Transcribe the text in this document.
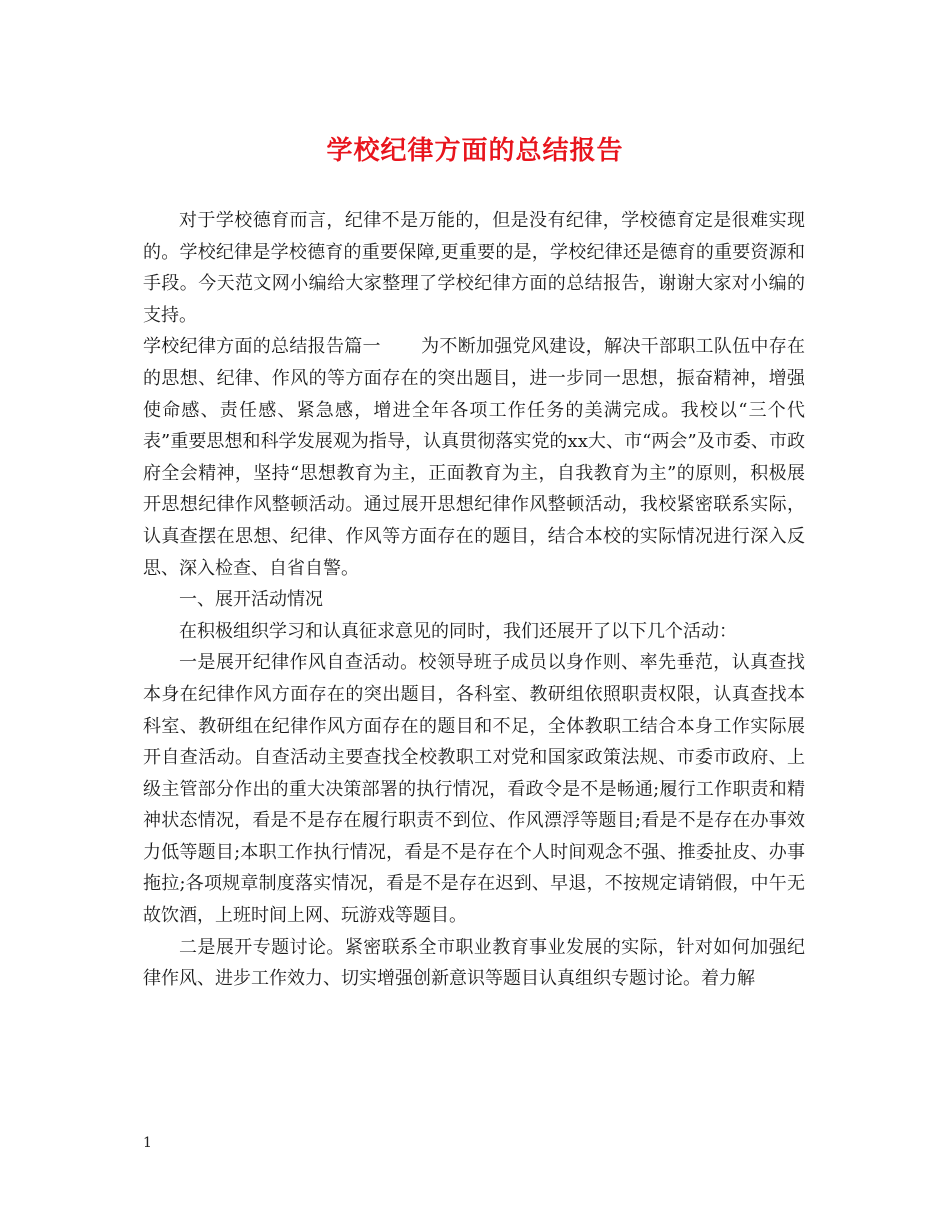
学校纪律方面的总结报告

对于学校德育而言，纪律不是万能的，但是没有纪律，学校德育定是很难实现的。学校纪律是学校德育的重要保障,更重要的是，学校纪律还是德育的重要资源和手段。今天范文网小编给大家整理了学校纪律方面的总结报告，谢谢大家对小编的支持。

学校纪律方面的总结报告篇一 为不断加强党风建设，解决干部职工队伍中存在的思想、纪律、作风的等方面存在的突出题目，进一步同一思想，振奋精神，增强使命感、责任感、紧急感，增进全年各项工作任务的美满完成。我校以“三个代表”重要思想和科学发展观为指导，认真贯彻落实党的xx大、市“两会”及市委、市政府全会精神，坚持“思想教育为主，正面教育为主，自我教育为主”的原则，积极展开思想纪律作风整顿活动。通过展开思想纪律作风整顿活动，我校紧密联系实际，认真查摆在思想、纪律、作风等方面存在的题目，结合本校的实际情况进行深入反思、深入检查、自省自警。

一、展开活动情况

在积极组织学习和认真征求意见的同时，我们还展开了以下几个活动：

一是展开纪律作风自查活动。校领导班子成员以身作则、率先垂范，认真查找本身在纪律作风方面存在的突出题目，各科室、教研组依照职责权限，认真查找本科室、教研组在纪律作风方面存在的题目和不足，全体教职工结合本身工作实际展开自查活动。自查活动主要查找全校教职工对党和国家政策法规、市委市政府、上级主管部分作出的重大决策部署的执行情况，看政令是不是畅通;履行工作职责和精神状态情况，看是不是存在履行职责不到位、作风漂浮等题目;看是不是存在办事效力低等题目;本职工作执行情况，看是不是存在个人时间观念不强、推委扯皮、办事拖拉;各项规章制度落实情况，看是不是存在迟到、早退，不按规定请销假，中午无故饮酒，上班时间上网、玩游戏等题目。

二是展开专题讨论。紧密联系全市职业教育事业发展的实际，针对如何加强纪律作风、进步工作效力、切实增强创新意识等题目认真组织专题讨论。着力解

1
